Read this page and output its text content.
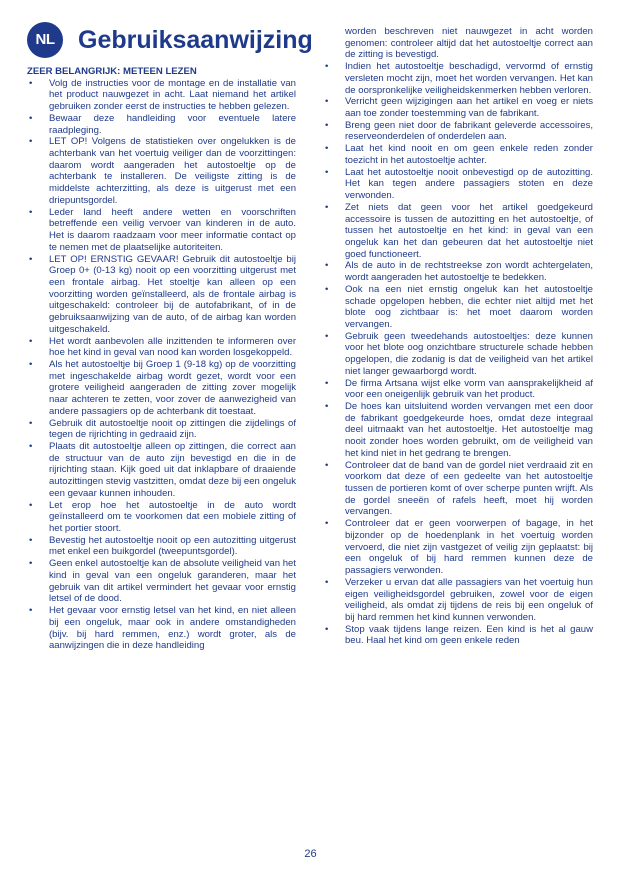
NL Gebruiksaanwijzing

ZEER BELANGRIJK: METEEN LEZEN

• Volg de instructies voor de montage en de installatie van het product nauwgezet in acht. Laat niemand het artikel gebruiken zonder eerst de instructies te hebben gelezen.
• Bewaar deze handleiding voor eventuele latere raadpleging.
• LET OP! Volgens de statistieken over ongelukken is de achterbank van het voertuig veiliger dan de voorzittingen: daarom wordt aangeraden het autostoeltje op de achterbank te installeren. De veiligste zitting is de middelste achterzitting, als deze is uitgerust met een driepuntsgordel.
• Leder land heeft andere wetten en voorschriften betreffende een veilig vervoer van kinderen in de auto. Het is daarom raadzaam voor meer informatie contact op te nemen met de plaatselijke autoriteiten.
• LET OP! ERNSTIG GEVAAR! Gebruik dit autostoeltje bij Groep 0+ (0-13 kg) nooit op een voorzitting uitgerust met een frontale airbag. Het stoeltje kan alleen op een voorzitting worden geïnstalleerd, als de frontale airbag is uitgeschakeld: controleer bij de autofabrikant, of in de gebruiksaanwijzing van de auto, of de airbag kan worden uitgeschakeld.
• Het wordt aanbevolen alle inzittenden te informeren over hoe het kind in geval van nood kan worden losgekoppeld.
• Als het autostoeltje bij Groep 1 (9-18 kg) op de voorzitting met ingeschakelde airbag wordt gezet, wordt voor een grotere veiligheid aangeraden de zitting zover mogelijk naar achteren te zetten, voor zover de aanwezigheid van andere passagiers op de achterbank dit toestaat.
• Gebruik dit autostoeltje nooit op zittingen die zijdelings of tegen de rijrichting in gedraaid zijn.
• Plaats dit autostoeltje alleen op zittingen, die correct aan de structuur van de auto zijn bevestigd en die in de rijrichting staan. Kijk goed uit dat inklapbare of draaiende autozittingen stevig vastzitten, omdat deze bij een ongeluk een gevaar kunnen inhouden.
• Let erop hoe het autostoeltje in de auto wordt geïnstalleerd om te voorkomen dat een mobiele zitting of het portier stoort.
• Bevestig het autostoeltje nooit op een autozitting uitgerust met enkel een buikgordel (tweepuntsgordel).
• Geen enkel autostoeltje kan de absolute veiligheid van het kind in geval van een ongeluk garanderen, maar het gebruik van dit artikel vermindert het gevaar voor ernstig letsel of de dood.
• Het gevaar voor ernstig letsel van het kind, en niet alleen bij een ongeluk, maar ook in andere omstandigheden (bijv. bij hard remmen, enz.) wordt groter, als de aanwijzingen die in deze handleiding
worden beschreven niet nauwgezet in acht worden genomen: controleer altijd dat het autostoeltje correct aan de zitting is bevestigd.
• Indien het autostoeltje beschadigd, vervormd of ernstig versleten mocht zijn, moet het worden vervangen. Het kan de oorspronkelijke veiligheidskenmerken hebben verloren.
• Verricht geen wijzigingen aan het artikel en voeg er niets aan toe zonder toestemming van de fabrikant.
• Breng geen niet door de fabrikant geleverde accessoires, reserveonderdelen of onderdelen aan.
• Laat het kind nooit en om geen enkele reden zonder toezicht in het autostoeltje achter.
• Laat het autostoeltje nooit onbevestigd op de autozitting. Het kan tegen andere passagiers stoten en deze verwonden.
• Zet niets dat geen voor het artikel goedgekeurd accessoire is tussen de autozitting en het autostoeltje, of tussen het autostoeltje en het kind: in geval van een ongeluk kan het dan gebeuren dat het autostoeltje niet goed functioneert.
• Als de auto in de rechtstreekse zon wordt achtergelaten, wordt aangeraden het autostoeltje te bedekken.
• Ook na een niet ernstig ongeluk kan het autostoeltje schade opgelopen hebben, die echter niet altijd met het blote oog zichtbaar is: het moet daarom worden vervangen.
• Gebruik geen tweedehands autostoeltjes: deze kunnen voor het blote oog onzichtbare structurele schade hebben opgelopen, die zodanig is dat de veiligheid van het artikel niet langer gewaarborgd wordt.
• De firma Artsana wijst elke vorm van aansprakelijkheid af voor een oneigenlijk gebruik van het product.
• De hoes kan uitsluitend worden vervangen met een door de fabrikant goedgekeurde hoes, omdat deze integraal deel uitmaakt van het autostoeltje. Het autostoeltje mag nooit zonder hoes worden gebruikt, om de veiligheid van het kind niet in het gedrang te brengen.
• Controleer dat de band van de gordel niet verdraaid zit en voorkom dat deze of een gedeelte van het autostoeltje tussen de portieren komt of over scherpe punten wrijft. Als de gordel sneeën of rafels heeft, moet hij worden vervangen.
• Controleer dat er geen voorwerpen of bagage, in het bijzonder op de hoedenplank in het voertuig worden vervoerd, die niet zijn vastgezet of veilig zijn geplaatst: bij een ongeluk of bij hard remmen kunnen deze de passagiers verwonden.
• Verzeker u ervan dat alle passagiers van het voertuig hun eigen veiligheidsgordel gebruiken, zowel voor de eigen veiligheid, als omdat zij tijdens de reis bij een ongeluk of bij hard remmen het kind kunnen verwonden.
• Stop vaak tijdens lange reizen. Een kind is het al gauw beu. Haal het kind om geen enkele reden
26
